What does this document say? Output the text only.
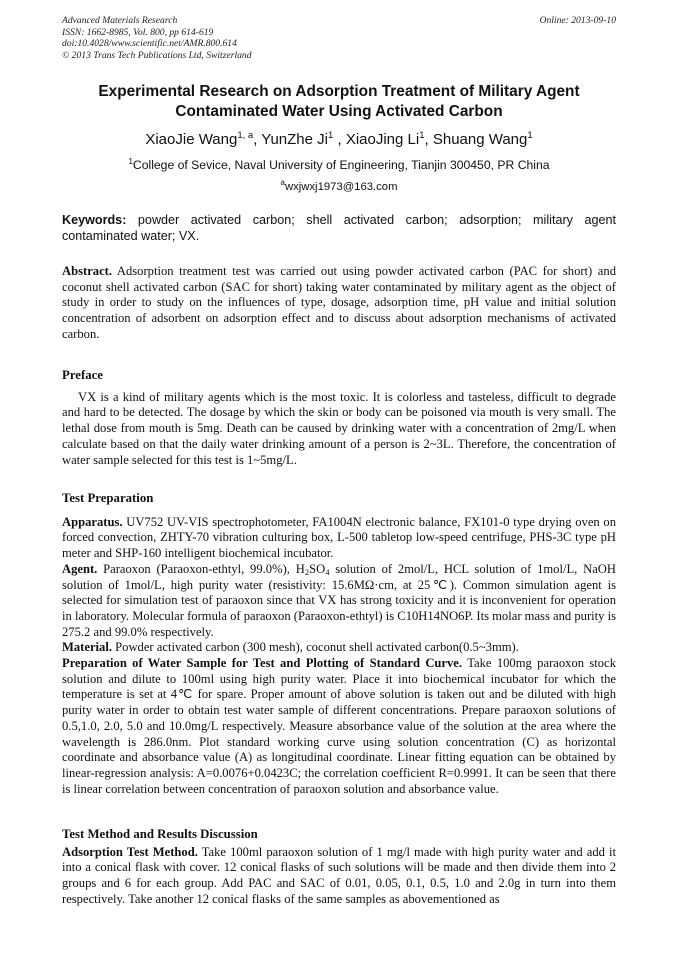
Advanced Materials Research
ISSN: 1662-8985, Vol. 800, pp 614-619
doi:10.4028/www.scientific.net/AMR.800.614
© 2013 Trans Tech Publications Ltd, Switzerland
Online: 2013-09-10
Experimental Research on Adsorption Treatment of Military Agent
Contaminated Water Using Activated Carbon
XiaoJie Wang$^{1, a}$, YunZhe Ji$^1$ , XiaoJing Li$^1$, Shuang Wang$^1$
$^1$College of Sevice, Naval University of Engineering, Tianjin 300450, PR China
$^a$wxjwxj1973@163.com
Keywords: powder activated carbon; shell activated carbon; adsorption; military agent contaminated water; VX.

Abstract. Adsorption treatment test was carried out using powder activated carbon (PAC for short) and coconut shell activated carbon (SAC for short) taking water contaminated by military agent as the object of study in order to study on the influences of type, dosage, adsorption time, pH value and initial solution concentration of adsorbent on adsorption effect and to discuss about adsorption mechanisms of activated carbon.

Preface

VX is a kind of military agents which is the most toxic. It is colorless and tasteless, difficult to degrade and hard to be detected. The dosage by which the skin or body can be poisoned via mouth is very small. The lethal dose from mouth is 5mg. Death can be caused by drinking water with a concentration of 2mg/L when calculate based on that the daily water drinking amount of a person is 2~3L. Therefore, the concentration of water sample selected for this test is 1~5mg/L.

Test Preparation

Apparatus. UV752 UV-VIS spectrophotometer, FA1004N electronic balance, FX101-0 type drying oven on forced convection, ZHTY-70 vibration culturing box, L-500 tabletop low-speed centrifuge, PHS-3C type pH meter and SHP-160 intelligent biochemical incubator.

Agent. Paraoxon (Paraoxon-ethtyl, 99.0%), $H_2SO_4$ solution of 2mol/L, HCL solution of 1mol/L, NaOH solution of 1mol/L, high purity water (resistivity: 15.6MΩ·cm, at 25℃). Common simulation agent is selected for simulation test of paraoxon since that VX has strong toxicity and it is inconvenient for operation in laboratory. Molecular formula of paraoxon (Paraoxon-ethtyl) is C10H14NO6P. Its molar mass and purity is 275.2 and 99.0% respectively.

Material. Powder activated carbon (300 mesh), coconut shell activated carbon(0.5~3mm).

Preparation of Water Sample for Test and Plotting of Standard Curve. Take 100mg paraoxon stock solution and dilute to 100ml using high purity water. Place it into biochemical incubator for which the temperature is set at 4℃ for spare. Proper amount of above solution is taken out and be diluted with high purity water in order to obtain test water sample of different concentrations. Prepare paraoxon solutions of 0.5,1.0, 2.0, 5.0 and 10.0mg/L respectively. Measure absorbance value of the solution at the area where the wavelength is 286.0nm. Plot standard working curve using solution concentration (C) as horizontal coordinate and absorbance value (A) as longitudinal coordinate. Linear fitting equation can be obtained by linear-regression analysis: A=0.0076+0.0423C; the correlation coefficient R=0.9991. It can be seen that there is linear correlation between concentration of paraoxon solution and absorbance value.

Test Method and Results Discussion

Adsorption Test Method. Take 100ml paraoxon solution of 1 mg/l made with high purity water and add it into a conical flask with cover. 12 conical flasks of such solutions will be made and then divide them into 2 groups and 6 for each group. Add PAC and SAC of 0.01, 0.05, 0.1, 0.5, 1.0 and 2.0g in turn into them respectively. Take another 12 conical flasks of the same samples as abovementioned as
